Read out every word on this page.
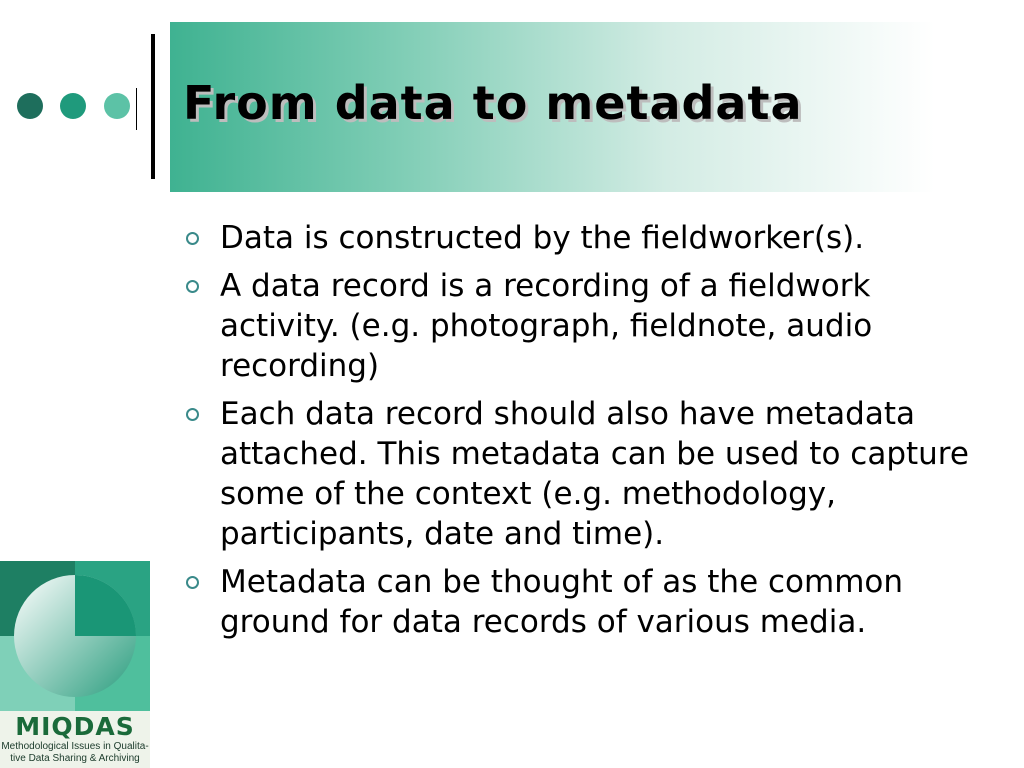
From data to metadata
Data is constructed by the fieldworker(s).
A data record is a recording of a fieldwork activity. (e.g. photograph, fieldnote, audio recording)
Each data record should also have metadata attached. This metadata can be used to capture some of the context (e.g. methodology, participants, date and time).
Metadata can be thought of as the common ground for data records of various media.
MIQDAS
Methodological Issues in Qualita-
tive Data Sharing & Archiving
